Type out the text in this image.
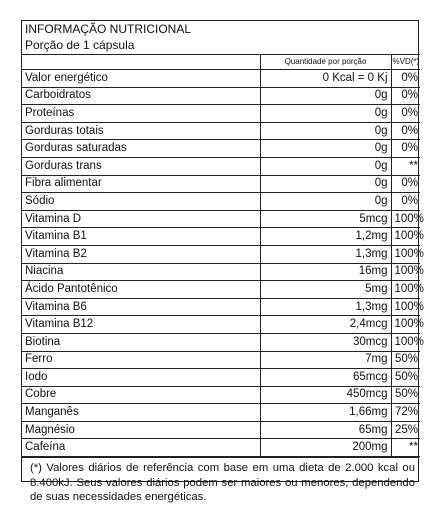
INFORMAÇÃO NUTRICIONAL
Porção de 1 cápsula
	Quantidade por porção	%VD(*)
Valor energético	0 Kcal = 0 Kj	0%
Carboidratos	0g	0%
Proteínas	0g	0%
Gorduras totais	0g	0%
Gorduras saturadas	0g	0%
Gorduras trans	0g	**
Fibra alimentar	0g	0%
Sódio	0g	0%
Vitamina D	5mcg	100%
Vitamina B1	1,2mg	100%
Vitamina B2	1,3mg	100%
Niacina	16mg	100%
Ácido Pantotênico	5mg	100%
Vitamina B6	1,3mg	100%
Vitamina B12	2,4mcg	100%
Biotina	30mcg	100%
Ferro	7mg	50%
Iodo	65mcg	50%
Cobre	450mcg	50%
Manganês	1,66mg	72%
Magnésio	65mg	25%
Cafeína	200mg	**
(*) Valores diários de referência com base em uma dieta de 2.000 kcal ou 8.400kJ. Seus valores diários podem ser maiores ou menores, dependendo de suas necessidades energéticas.
